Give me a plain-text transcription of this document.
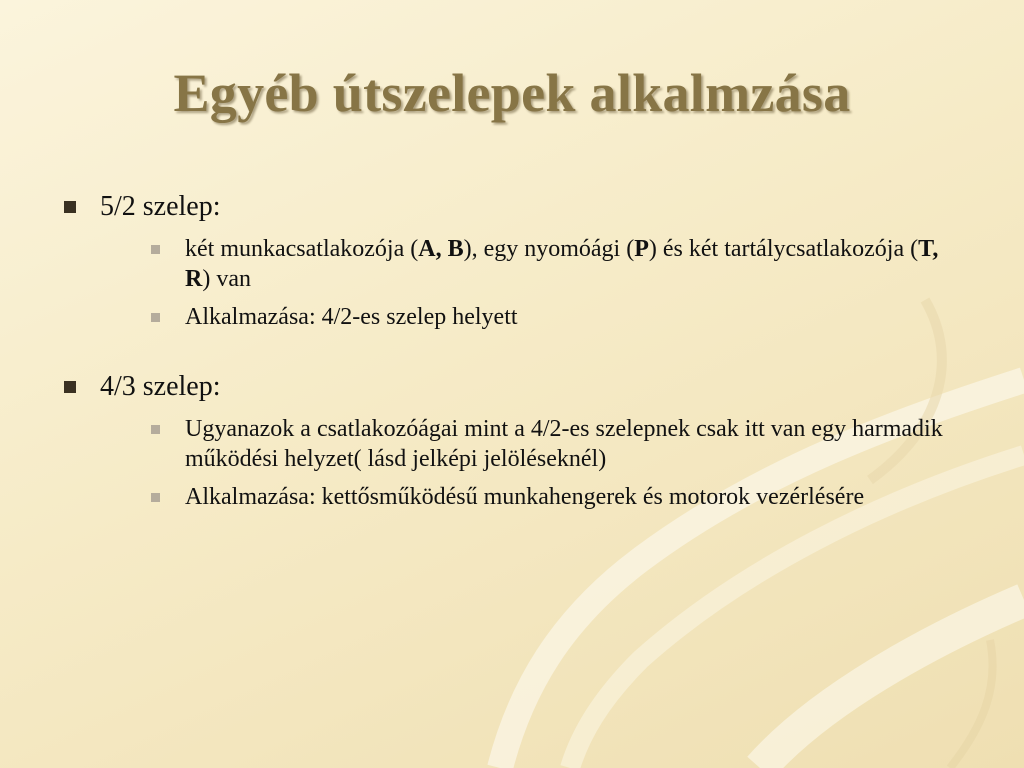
Egyéb útszelepek alkalmzása
5/2 szelep:
két munkacsatlakozója (A, B), egy nyomóági (P) és két tartálycsatlakozója (T, R) van
Alkalmazása: 4/2-es szelep helyett
4/3 szelep:
Ugyanazok a csatlakozóágai mint a 4/2-es szelepnek csak itt van egy harmadik működési helyzet( lásd jelképi jelöléseknél)
Alkalmazása: kettősműködésű munkahengerek és motorok vezérlésére
